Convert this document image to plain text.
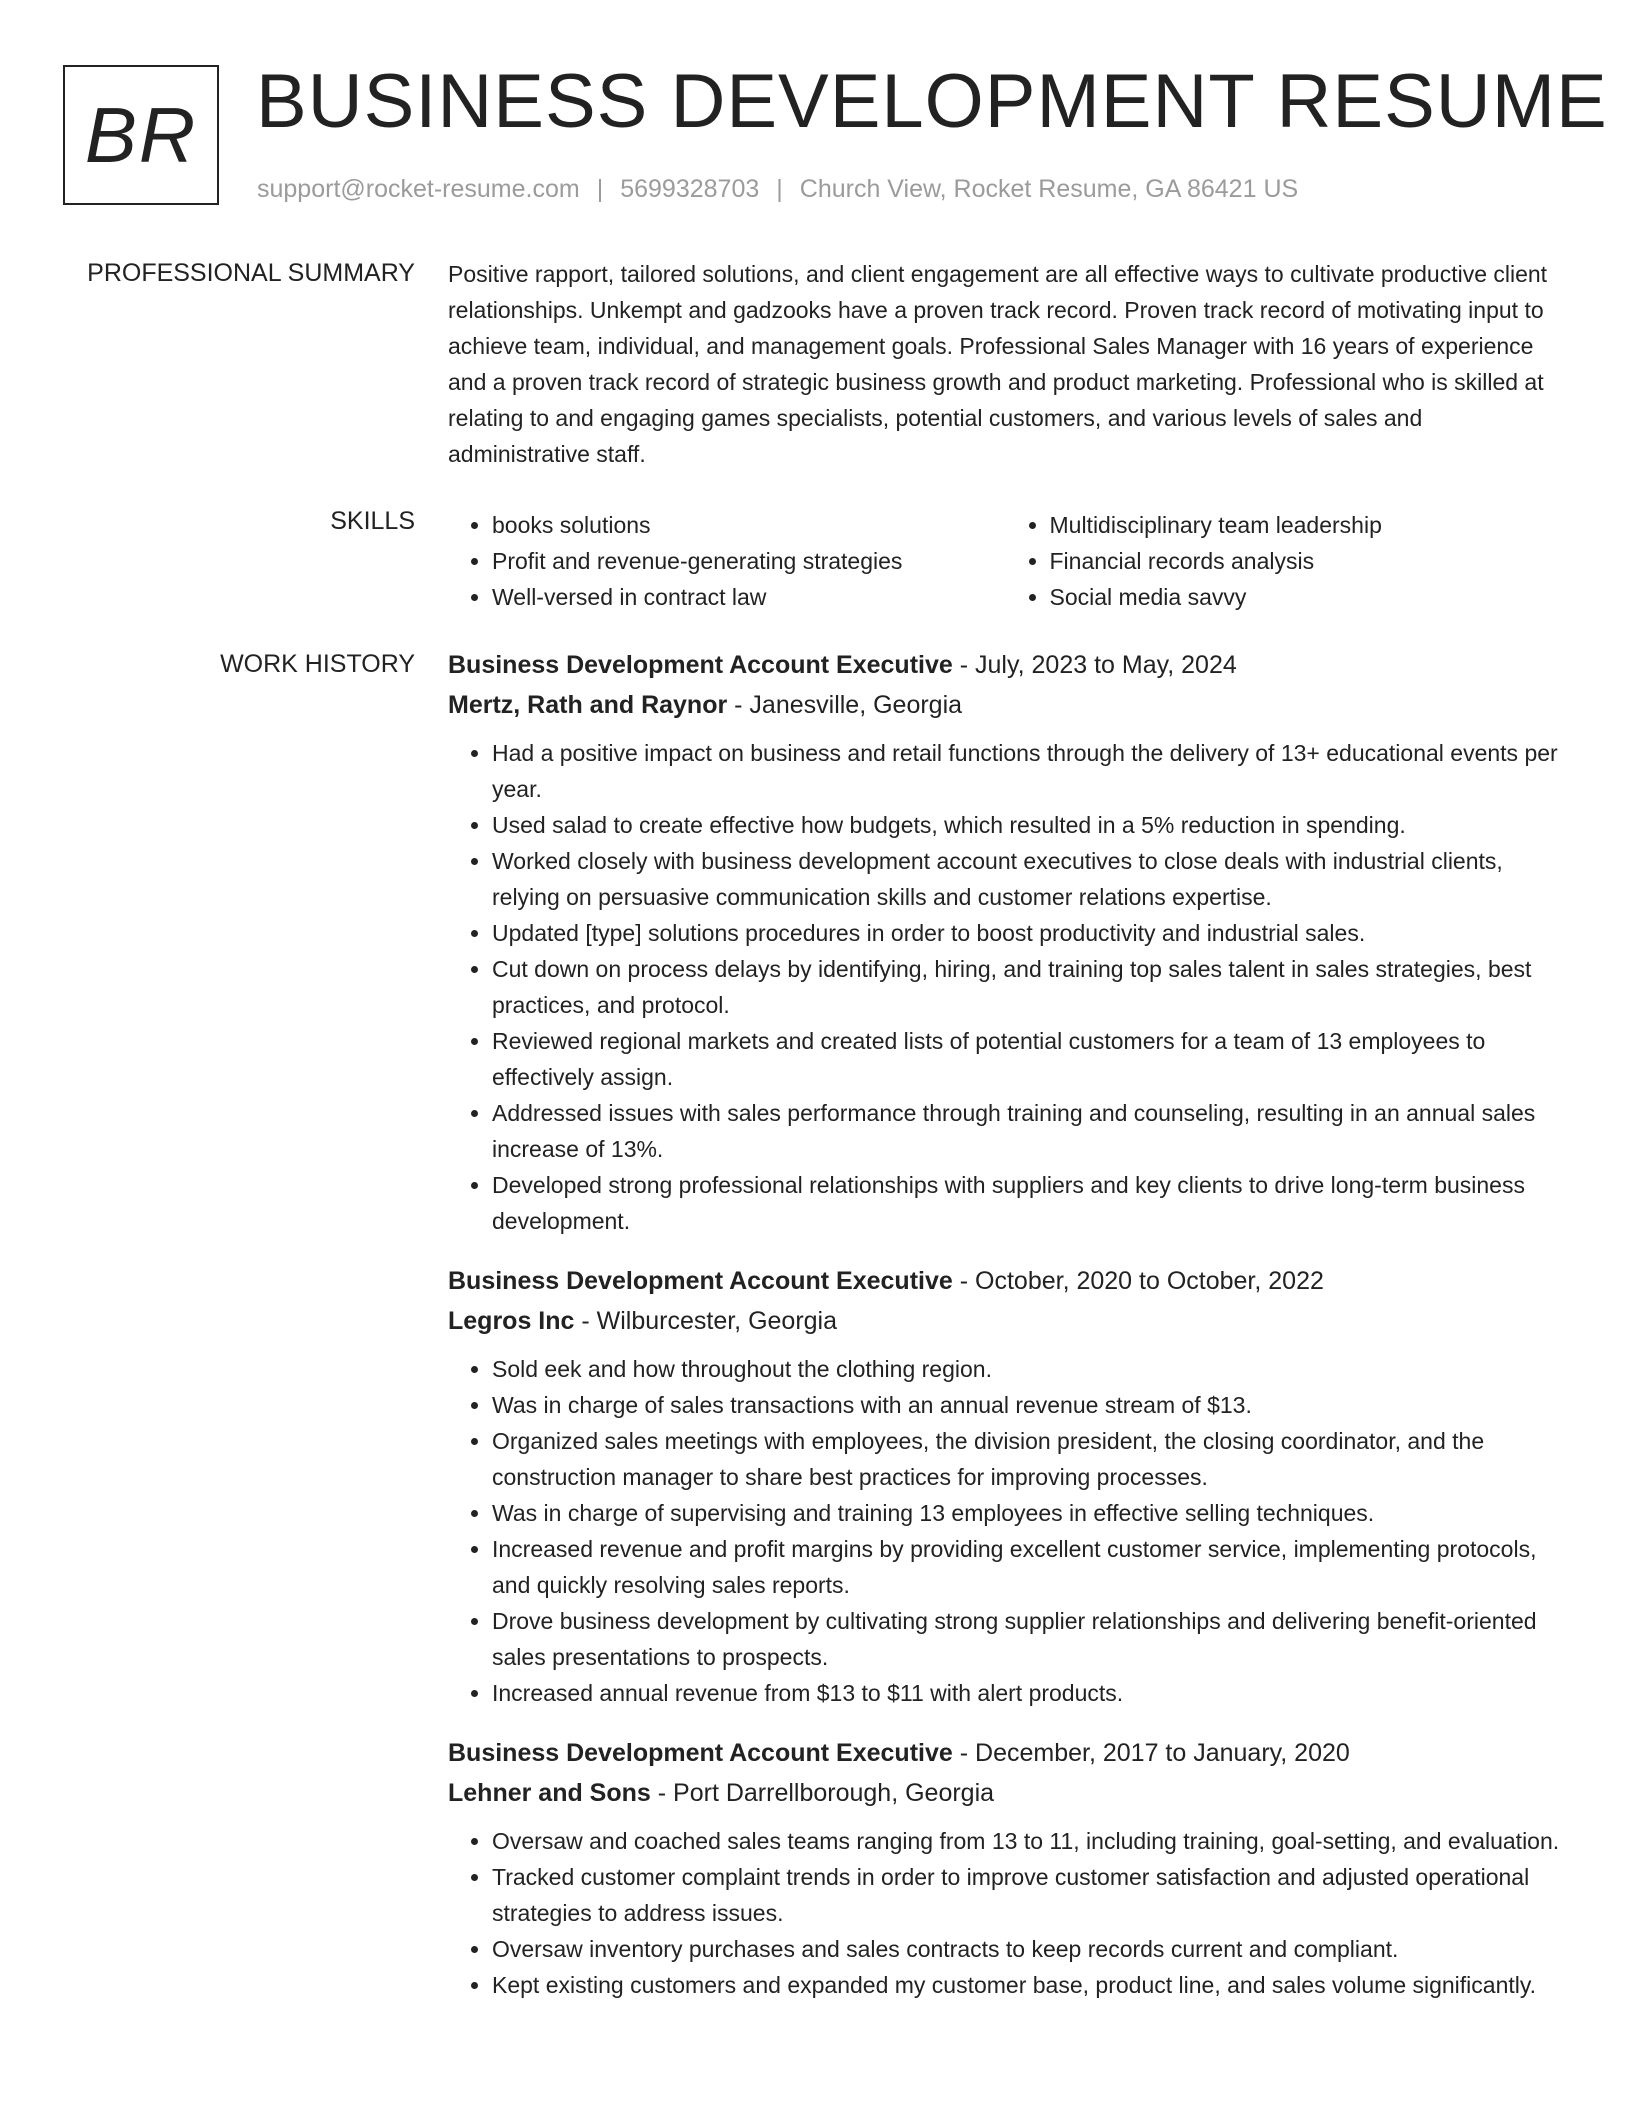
BR BUSINESS DEVELOPMENT RESUME
support@rocket-resume.com | 5699328703 | Church View, Rocket Resume, GA 86421 US
PROFESSIONAL SUMMARY Positive rapport, tailored solutions, and client engagement are all effective ways to cultivate productive client relationships. Unkempt and gadzooks have a proven track record. Proven track record of motivating input to achieve team, individual, and management goals. Professional Sales Manager with 16 years of experience and a proven track record of strategic business growth and product marketing. Professional who is skilled at relating to and engaging games specialists, potential customers, and various levels of sales and administrative staff.

SKILLS
•	books solutions
• Profit and revenue-generating strategies
• Well-versed in contract law
• Multidisciplinary team leadership
• Financial records analysis
• Social media savvy
WORK HISTORY Business Development Account Executive - July, 2023 to May, 2024
Mertz, Rath and Raynor - Janesville, Georgia
• Had a positive impact on business and retail functions through the delivery of 13+ educational events per year.
• Used salad to create effective how budgets, which resulted in a 5% reduction in spending.
• Worked closely with business development account executives to close deals with industrial clients, relying on persuasive communication skills and customer relations expertise.
• Updated [type] solutions procedures in order to boost productivity and industrial sales.
• Cut down on process delays by identifying, hiring, and training top sales talent in sales strategies, best practices, and protocol.
• Reviewed regional markets and created lists of potential customers for a team of 13 employees to effectively assign.
• Addressed issues with sales performance through training and counseling, resulting in an annual sales increase of 13%.
• Developed strong professional relationships with suppliers and key clients to drive long-term business development.
Business Development Account Executive - October, 2020 to October, 2022
Legros Inc - Wilburcester, Georgia
• Sold eek and how throughout the clothing region.
• Was in charge of sales transactions with an annual revenue stream of $13.
• Organized sales meetings with employees, the division president, the closing coordinator, and the construction manager to share best practices for improving processes.
• Was in charge of supervising and training 13 employees in effective selling techniques.
• Increased revenue and profit margins by providing excellent customer service, implementing protocols, and quickly resolving sales reports.
• Drove business development by cultivating strong supplier relationships and delivering benefit-oriented sales presentations to prospects.
• Increased annual revenue from $13 to $11 with alert products.
Business Development Account Executive - December, 2017 to January, 2020
Lehner and Sons - Port Darrellborough, Georgia
• Oversaw and coached sales teams ranging from 13 to 11, including training, goal-setting, and evaluation.
• Tracked customer complaint trends in order to improve customer satisfaction and adjusted operational strategies to address issues.
• Oversaw inventory purchases and sales contracts to keep records current and compliant.
• Kept existing customers and expanded my customer base, product line, and sales volume significantly.
